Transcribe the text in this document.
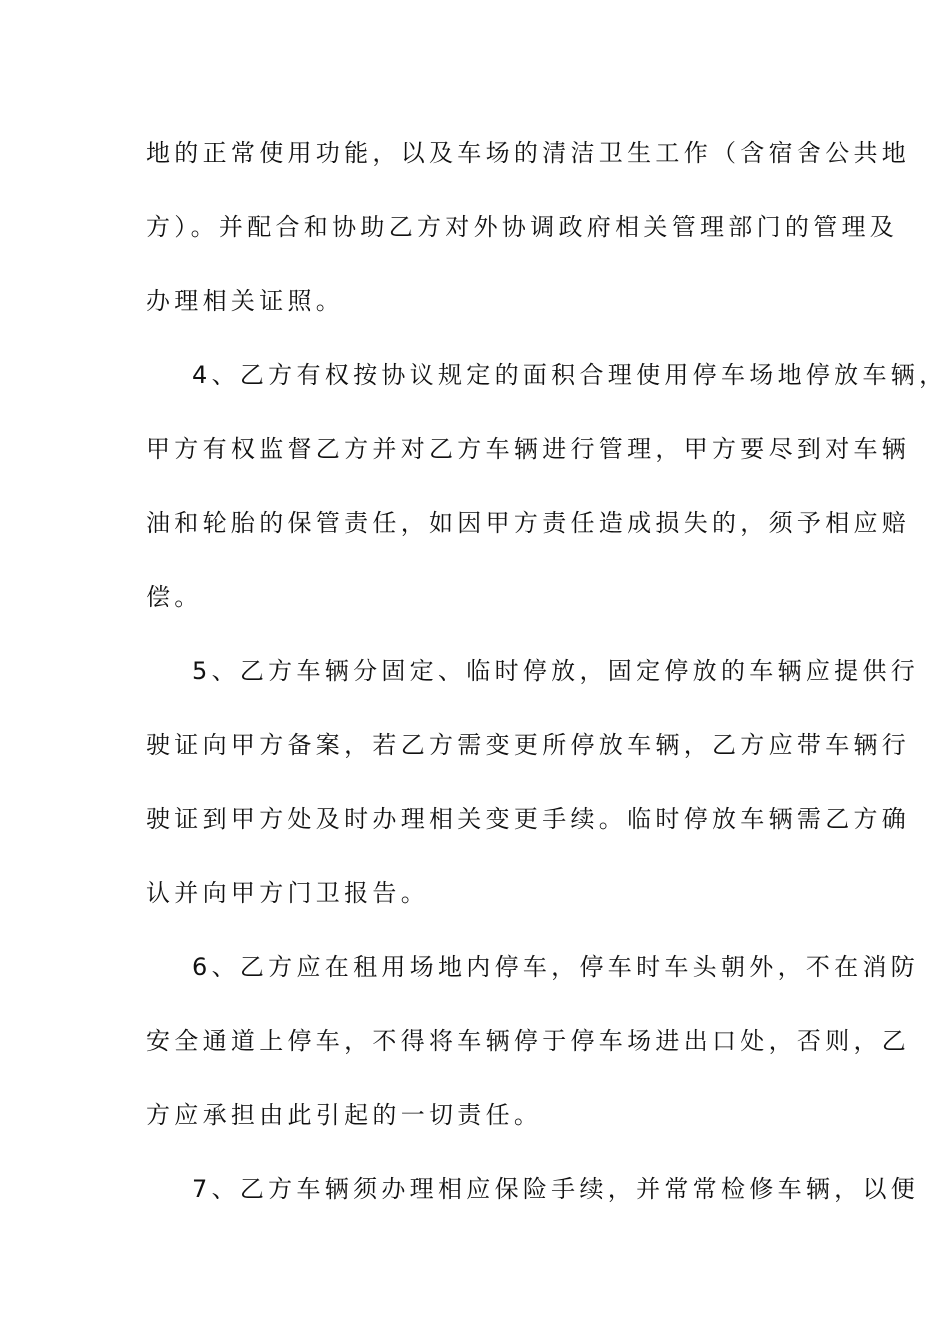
地的正常使用功能，以及车场的清洁卫生工作（含宿舍公共地
方）。并配合和协助乙方对外协调政府相关管理部门的管理及
办理相关证照。
4、乙方有权按协议规定的面积合理使用停车场地停放车辆，
甲方有权监督乙方并对乙方车辆进行管理，甲方要尽到对车辆
油和轮胎的保管责任，如因甲方责任造成损失的，须予相应赔
偿。
5、乙方车辆分固定、临时停放，固定停放的车辆应提供行
驶证向甲方备案，若乙方需变更所停放车辆，乙方应带车辆行
驶证到甲方处及时办理相关变更手续。临时停放车辆需乙方确
认并向甲方门卫报告。
6、乙方应在租用场地内停车，停车时车头朝外，不在消防
安全通道上停车，不得将车辆停于停车场进出口处，否则，乙
方应承担由此引起的一切责任。
7、乙方车辆须办理相应保险手续，并常常检修车辆，以便
